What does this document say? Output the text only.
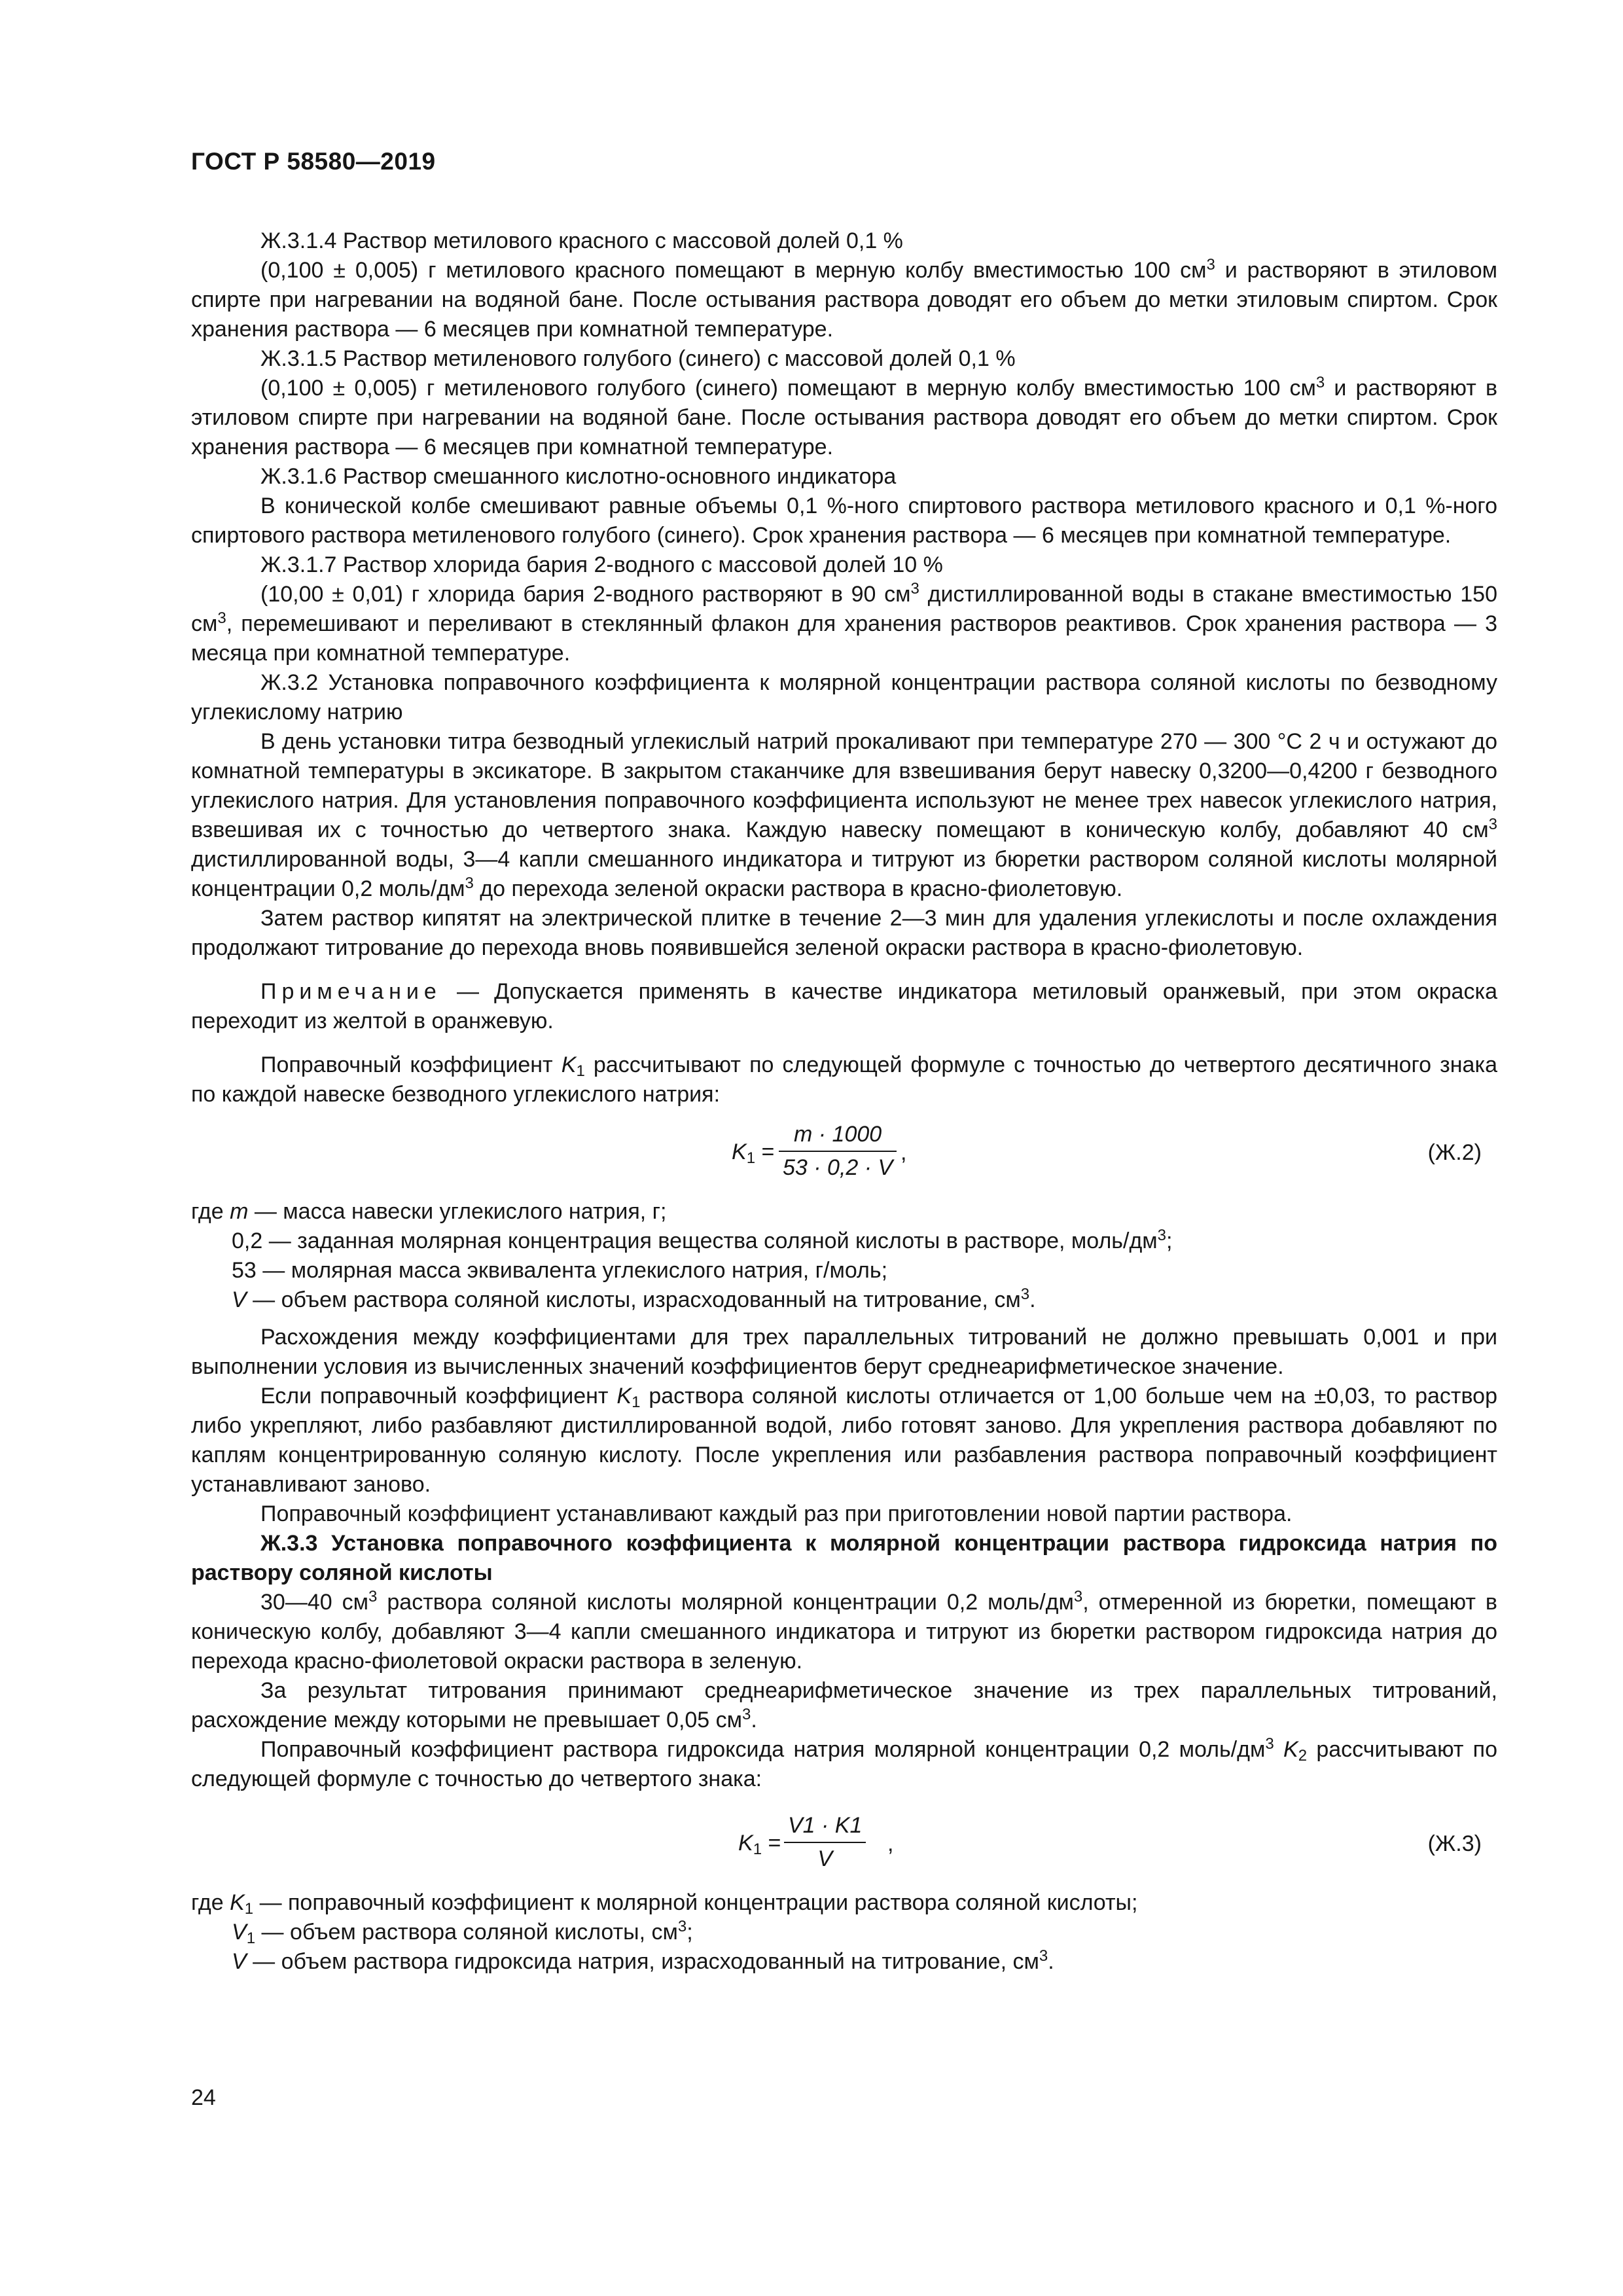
ГОСТ Р 58580—2019

Ж.3.1.4 Раствор метилового красного с массовой долей 0,1 %

(0,100 ± 0,005) г метилового красного помещают в мерную колбу вместимостью 100 $см^3$ и растворяют в этиловом спирте при нагревании на водяной бане. После остывания раствора доводят его объем до метки этиловым спиртом. Срок хранения раствора — 6 месяцев при комнатной температуре.

Ж.3.1.5 Раствор метиленового голубого (синего) с массовой долей 0,1 %

(0,100 ± 0,005) г метиленового голубого (синего) помещают в мерную колбу вместимостью 100 $см^3$ и растворяют в этиловом спирте при нагревании на водяной бане. После остывания раствора доводят его объем до метки спиртом. Срок хранения раствора — 6 месяцев при комнатной температуре.

Ж.3.1.6 Раствор смешанного кислотно-основного индикатора

В конической колбе смешивают равные объемы 0,1 %-ного спиртового раствора метилового красного и 0,1 %-ного спиртового раствора метиленового голубого (синего). Срок хранения раствора — 6 месяцев при комнатной температуре.

Ж.3.1.7 Раствор хлорида бария 2-водного с массовой долей 10 %

(10,00 ± 0,01) г хлорида бария 2-водного растворяют в 90 $см^3$ дистиллированной воды в стакане вместимостью 150 $см^3$, перемешивают и переливают в стеклянный флакон для хранения растворов реактивов. Срок хранения раствора — 3 месяца при комнатной температуре.

Ж.3.2 Установка поправочного коэффициента к молярной концентрации раствора соляной кислоты по безводному углекислому натрию

В день установки титра безводный углекислый натрий прокаливают при температуре 270 — 300 °С 2 ч и остужают до комнатной температуры в эксикаторе. В закрытом стаканчике для взвешивания берут навеску 0,3200—0,4200 г безводного углекислого натрия. Для установления поправочного коэффициента используют не менее трех навесок углекислого натрия, взвешивая их с точностью до четвертого знака. Каждую навеску помещают в коническую колбу, добавляют 40 $см^3$ дистиллированной воды, 3—4 капли смешанного индикатора и титруют из бюретки раствором соляной кислоты молярной концентрации 0,2 моль/$дм^3$ до перехода зеленой окраски раствора в красно-фиолетовую.

Затем раствор кипятят на электрической плитке в течение 2—3 мин для удаления углекислоты и после охлаждения продолжают титрование до перехода вновь появившейся зеленой окраски раствора в красно-фиолетовую.

Примечание — Допускается применять в качестве индикатора метиловый оранжевый, при этом окраска переходит из желтой в оранжевую.

Поправочный коэффициент $K_1$ рассчитывают по следующей формуле с точностью до четвертого десятичного знака по каждой навеске безводного углекислого натрия:

$K_1$ =
m · 1000
53 · 0,2 · V
,	(Ж.2)

где m — масса навески углекислого натрия, г;

0,2 — заданная молярная концентрация вещества соляной кислоты в растворе, моль/$дм^3$;

53 — молярная масса эквивалента углекислого натрия, г/моль;

V — объем раствора соляной кислоты, израсходованный на титрование, $см^3$.

Расхождения между коэффициентами для трех параллельных титрований не должно превышать 0,001 и при выполнении условия из вычисленных значений коэффициентов берут среднеарифметическое значение.

Если поправочный коэффициент $K_1$ раствора соляной кислоты отличается от 1,00 больше чем на ±0,03, то раствор либо укрепляют, либо разбавляют дистиллированной водой, либо готовят заново. Для укрепления раствора добавляют по каплям концентрированную соляную кислоту. После укрепления или разбавления раствора поправочный коэффициент устанавливают заново.

Поправочный коэффициент устанавливают каждый раз при приготовлении новой партии раствора.

Ж.3.3 Установка поправочного коэффициента к молярной концентрации раствора гидроксида натрия по раствору соляной кислоты

30—40 $см^3$ раствора соляной кислоты молярной концентрации 0,2 моль/$дм^3$, отмеренной из бюретки, помещают в коническую колбу, добавляют 3—4 капли смешанного индикатора и титруют из бюретки раствором гидроксида натрия до перехода красно-фиолетовой окраски раствора в зеленую.

За результат титрования принимают среднеарифметическое значение из трех параллельных титрований, расхождение между которыми не превышает 0,05 $см^3$.

Поправочный коэффициент раствора гидроксида натрия молярной концентрации 0,2 моль/$дм^3$ $K_2$ рассчитывают по следующей формуле с точностью до четвертого знака:

$K_1$ =
V1 · K1
V
,	(Ж.3)

где $K_1$ — поправочный коэффициент к молярной концентрации раствора соляной кислоты;

$V_1$ — объем раствора соляной кислоты, $см^3$;

V — объем раствора гидроксида натрия, израсходованный на титрование, $см^3$.

24
